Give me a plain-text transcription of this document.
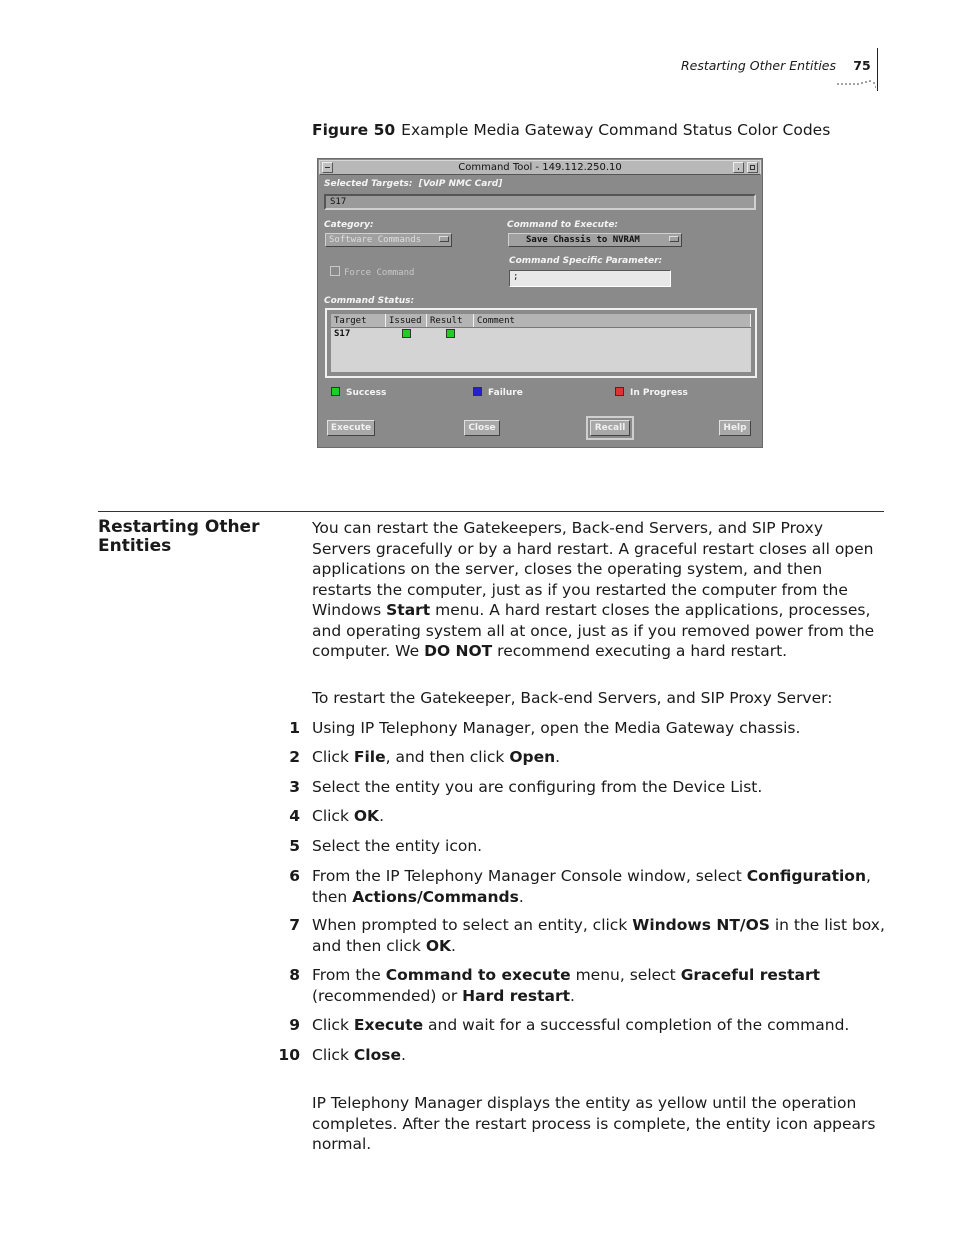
Restarting Other Entities	75
Figure 50 Example Media Gateway Command Status Color Codes
Command Tool - 149.112.250.10
Selected Targets: [VoIP NMC Card]
S17
Category:
Software Commands
Command to Execute:
Save Chassis to NVRAM
Force Command
Command Specific Parameter:
;
Command Status:
Target	Issued	Result	Comment
S17			

Success	Failure	In Progress
Execute	Close	Recall	Help
Restarting Other Entities

You can restart the Gatekeepers, Back-end Servers, and SIP Proxy Servers gracefully or by a hard restart. A graceful restart closes all open applications on the server, closes the operating system, and then restarts the computer, just as if you restarted the computer from the Windows Start menu. A hard restart closes the applications, processes, and operating system all at once, just as if you removed power from the computer. We DO NOT recommend executing a hard restart.

To restart the Gatekeeper, Back-end Servers, and SIP Proxy Server:

1 Using IP Telephony Manager, open the Media Gateway chassis.
2 Click File, and then click Open.
3 Select the entity you are configuring from the Device List.
4 Click OK.
5 Select the entity icon.
6 From the IP Telephony Manager Console window, select Configuration, then Actions/Commands.
7 When prompted to select an entity, click Windows NT/OS in the list box, and then click OK.
8 From the Command to execute menu, select Graceful restart (recommended) or Hard restart.
9 Click Execute and wait for a successful completion of the command.
10 Click Close.

IP Telephony Manager displays the entity as yellow until the operation completes. After the restart process is complete, the entity icon appears normal.
